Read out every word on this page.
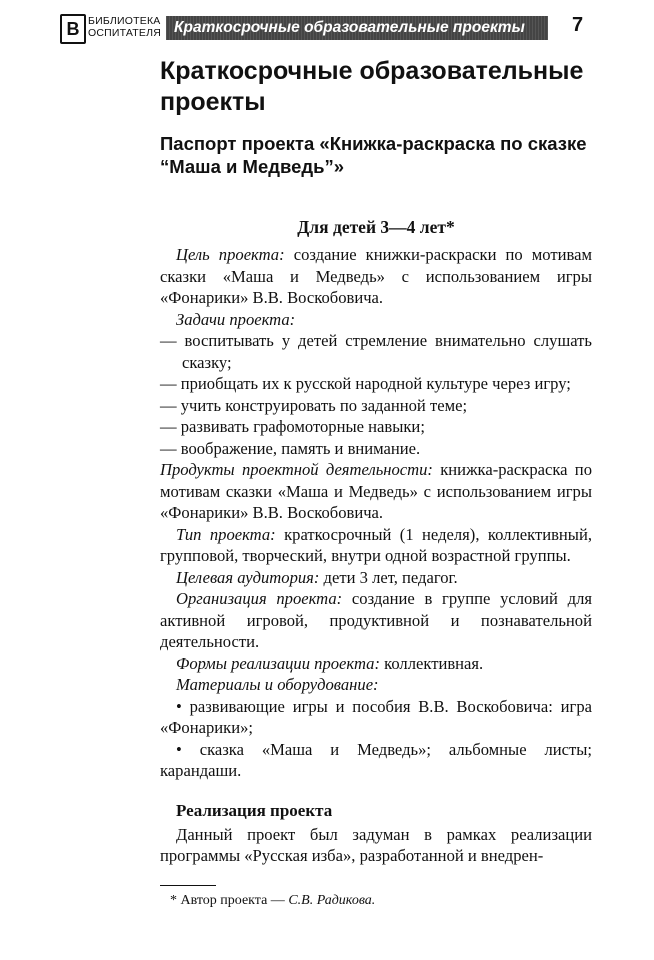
В БИБЛИОТЕКА
ОСПИТАТЕЛЯ Краткосрочные образовательные проекты	7
Краткосрочные образовательные проекты
Паспорт проекта «Книжка-раскраска по сказке “Маша и Медведь”»
Для детей 3—4 лет*

Цель проекта: создание книжки-раскраски по мотивам сказки «Маша и Медведь» с использованием игры «Фонарики» В.В. Воскобовича.

Задачи проекта:

— воспитывать у детей стремление внимательно слушать сказку;

— приобщать их к русской народной культуре через игру;

— учить конструировать по заданной теме;

— развивать графомоторные навыки;

— воображение, память и внимание.

Продукты проектной деятельности: книжка-раскраска по мотивам сказки «Маша и Медведь» с использованием игры «Фонарики» В.В. Воскобовича.

Тип проекта: краткосрочный (1 неделя), коллективный, групповой, творческий, внутри одной возрастной группы.

Целевая аудитория: дети 3 лет, педагог.

Организация проекта: создание в группе условий для активной игровой, продуктивной и познавательной деятельности.

Формы реализации проекта: коллективная.

Материалы и оборудование:

• развивающие игры и пособия В.В. Воскобовича: игра «Фонарики»;

• сказка «Маша и Медведь»; альбомные листы; карандаши.

Реализация проекта

Данный проект был задуман в рамках реализации программы «Русская изба», разработанной и внедрен-

* Автор проекта — С.В. Радикова.
